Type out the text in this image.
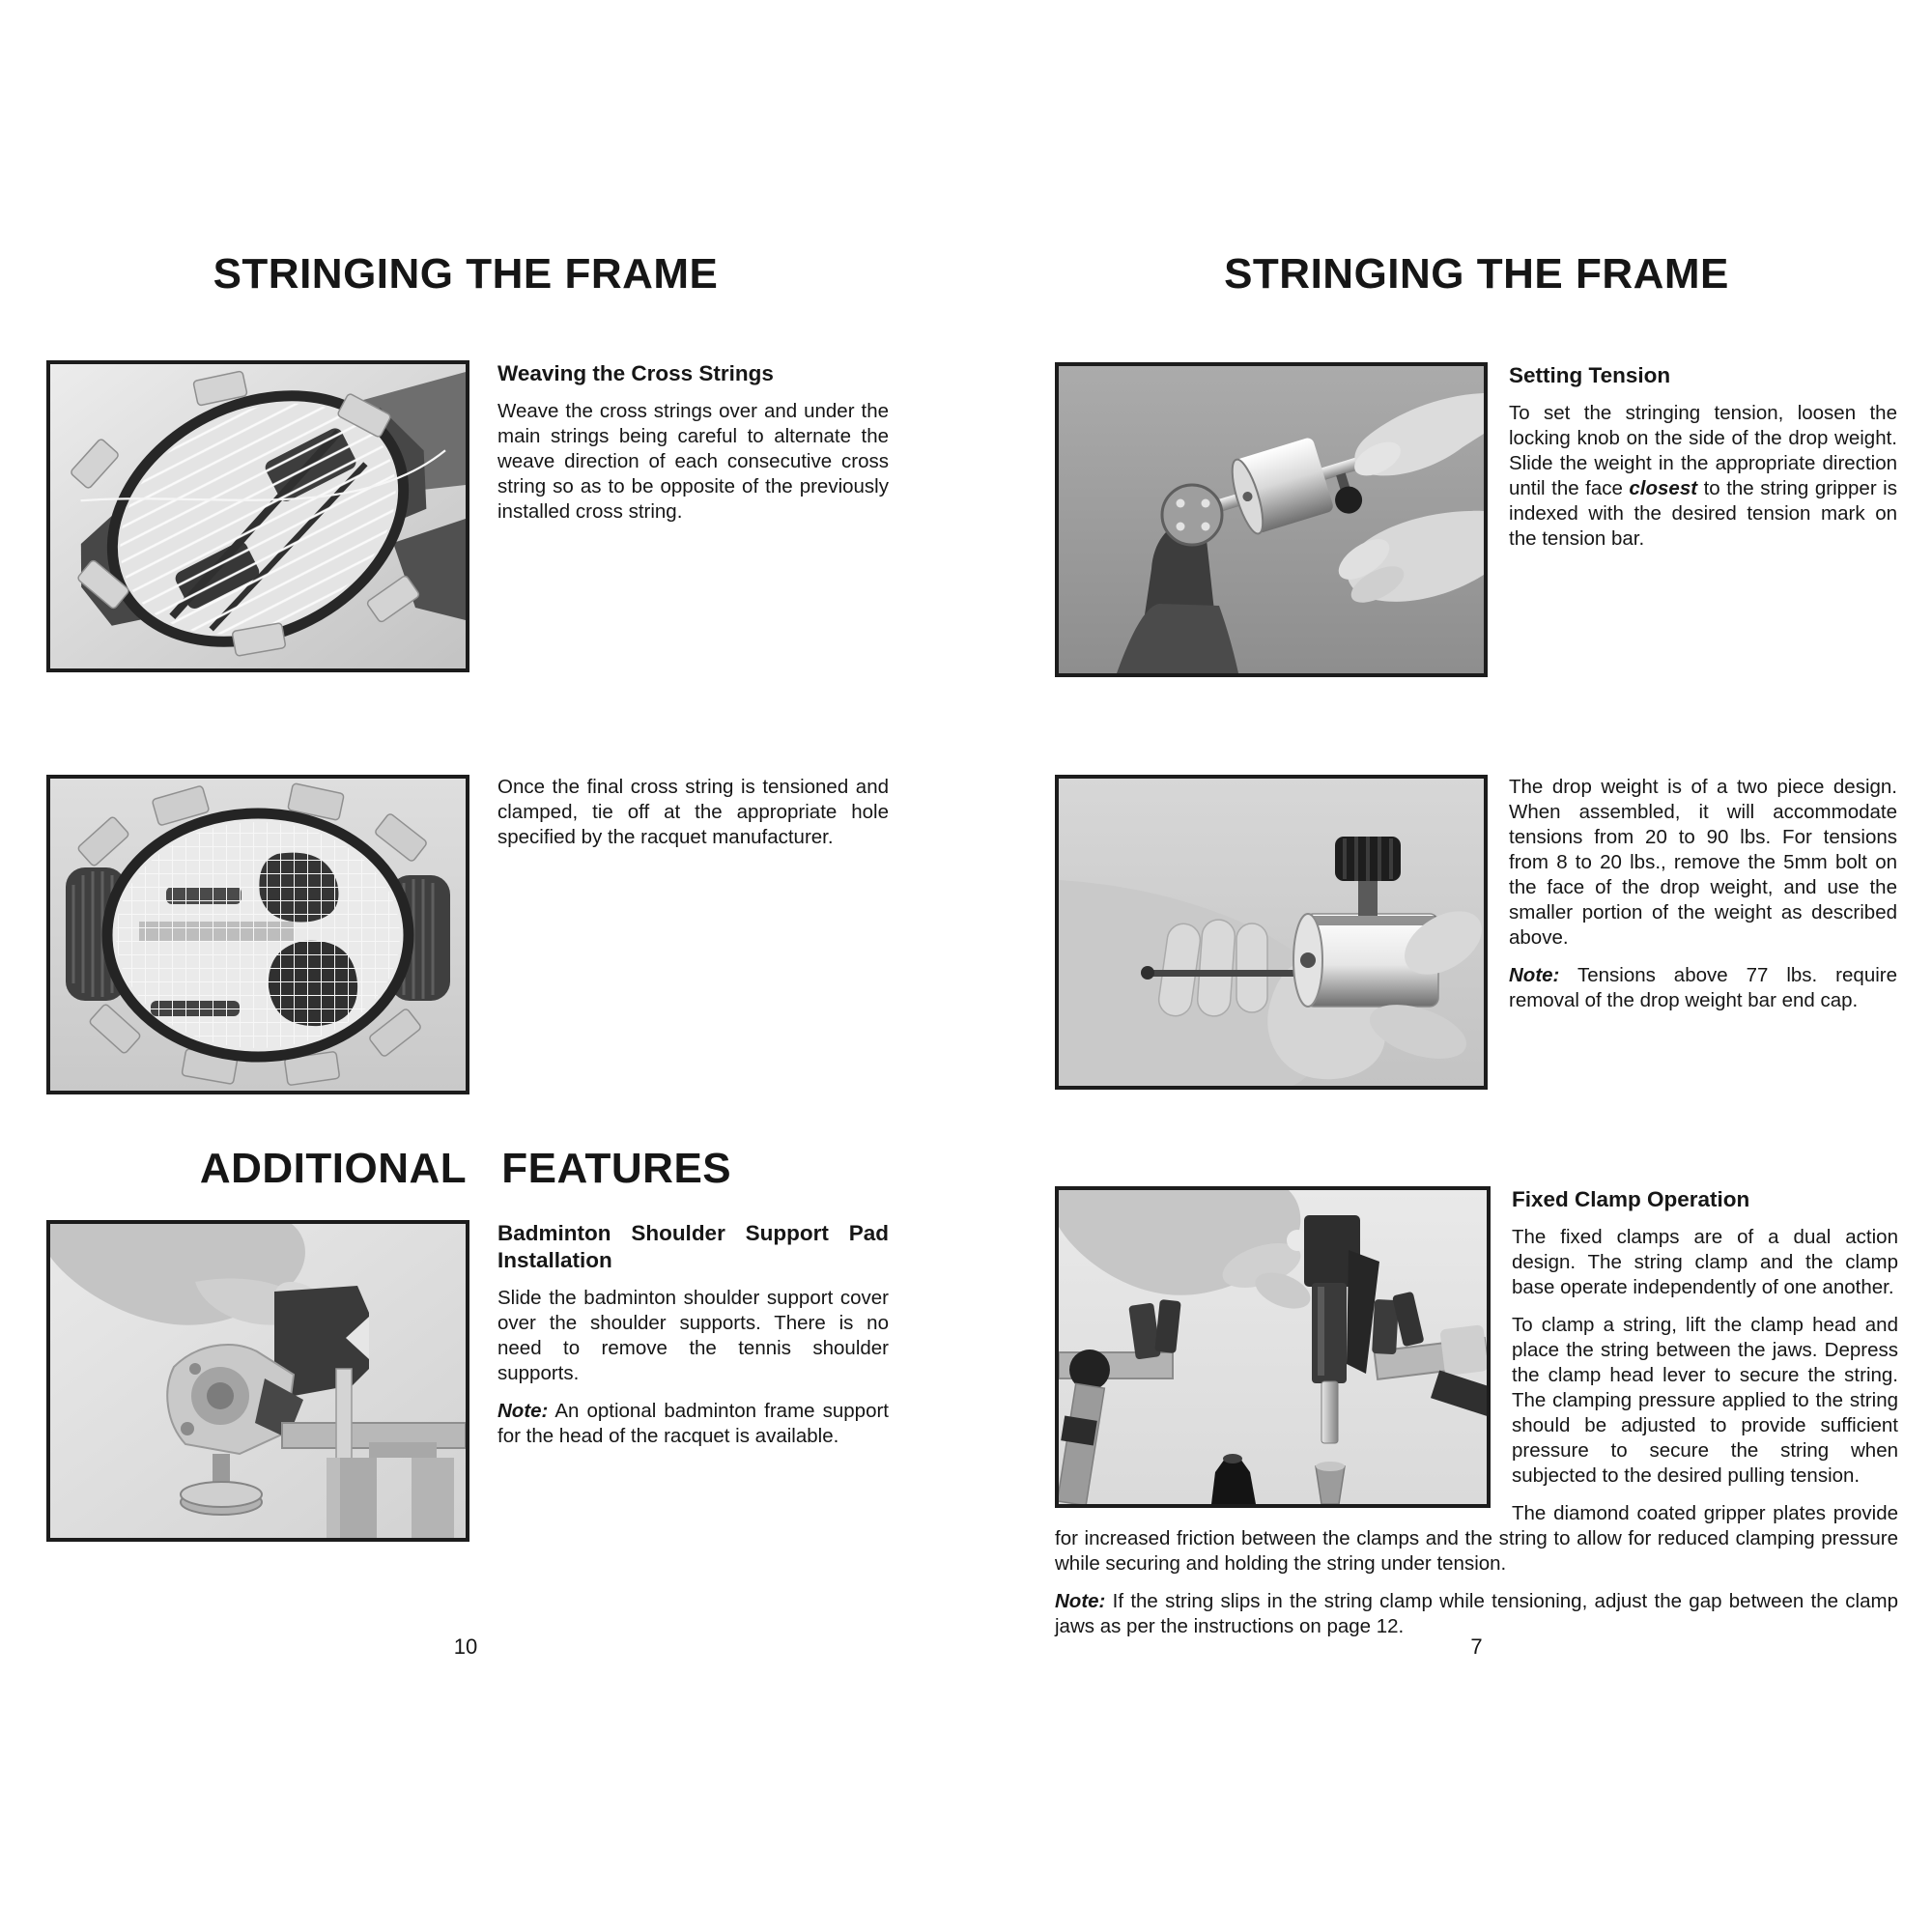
STRINGING THE FRAME
Weaving the Cross Strings

Weave the cross strings over and under the main strings being careful to alternate the weave direction of each consecutive cross string so as to be opposite of the previously installed cross string.

Once the final cross string is tensioned and clamped, tie off at the appropriate hole specified by the racquet manufacturer.

ADDITIONAL FEATURES
Badminton Shoulder Support Pad Installation

Slide the badminton shoulder support cover over the shoulder supports. There is no need to remove the tennis shoulder supports.

Note: An optional badminton frame support for the head of the racquet is available.

10

STRINGING THE FRAME
Setting Tension

To set the stringing tension, loosen the locking knob on the side of the drop weight. Slide the weight in the appropriate direction until the face closest to the string gripper is indexed with the desired tension mark on the tension bar.

The drop weight is of a two piece design. When assembled, it will accommodate tensions from 20 to 90 lbs. For tensions from 8 to 20 lbs., remove the 5mm bolt on the face of the drop weight, and use the smaller portion of the weight as described above.

Note: Tensions above 77 lbs. require removal of the drop weight bar end cap.

Fixed Clamp Operation

The fixed clamps are of a dual action design. The string clamp and the clamp base operate independently of one another.

To clamp a string, lift the clamp head and place the string between the jaws. Depress the clamp head lever to secure the string. The clamping pressure applied to the string should be adjusted to provide sufficient pressure to secure the string when subjected to the desired pulling tension.

The diamond coated gripper plates provide for increased friction between the clamps and the string to allow for reduced clamping pressure while securing and holding the string under tension.

Note: If the string slips in the string clamp while tensioning, adjust the gap between the clamp jaws as per the instructions on page 12.

7
